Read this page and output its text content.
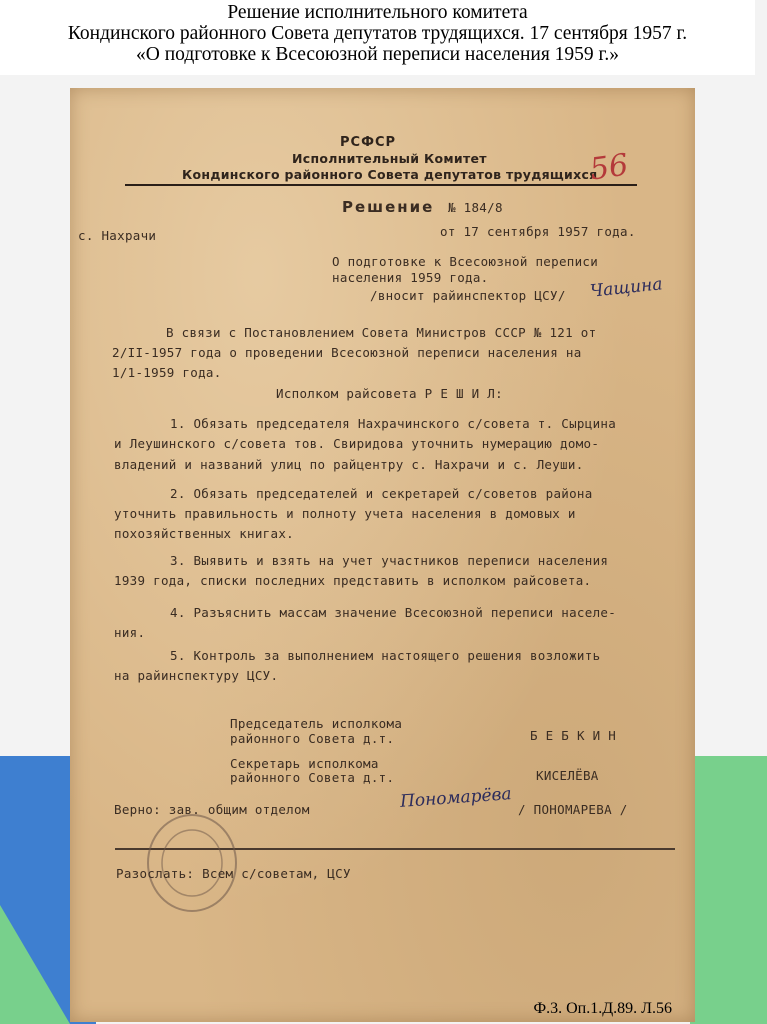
Решение исполнительного комитета
Кондинского районного Совета депутатов трудящихся. 17 сентября 1957 г.
«О подготовке к Всесоюзной переписи населения 1959 г.»
РСФСР
Исполнительный Комитет
Кондинского районного Совета депутатов трудящихся
56
Решение № 184/8
с. Нахрачи	от 17 сентября 1957 года.
О подготовке к Всесоюзной переписи
населения 1959 года.
/вносит райинспектор ЦСУ/ Чащина
В связи с Постановлением Совета Министров СССР № 121 от
2/II-1957 года о проведении Всесоюзной переписи населения на
1/1-1959 года.
Исполком райсовета Р Е Ш И Л:
1. Обязать председателя Нахрачинского с/совета т. Сырцина
и Леушинского с/совета тов. Свиридова уточнить нумерацию домо-
владений и названий улиц по райцентру с. Нахрачи и с. Леуши.
2. Обязать председателей и секретарей с/советов района
уточнить правильность и полноту учета населения в домовых и
похозяйственных книгах.
3. Выявить и взять на учет участников переписи населения
1939 года, списки последних представить в исполком райсовета.
4. Разъяснить массам значение Всесоюзной переписи населе-
ния.
5. Контроль за выполнением настоящего решения возложить
на райинспектуру ЦСУ.
Председатель исполкома
районного Совета д.т.	Б Е Б К И Н
Секретарь исполкома
районного Совета д.т.	КИСЕЛЁВА
Верно: зав. общим отделом	Пономарёва / ПОНОМАРЕВА /
Разослать: Всем с/советам, ЦСУ
Ф.3. Оп.1.Д.89. Л.56
